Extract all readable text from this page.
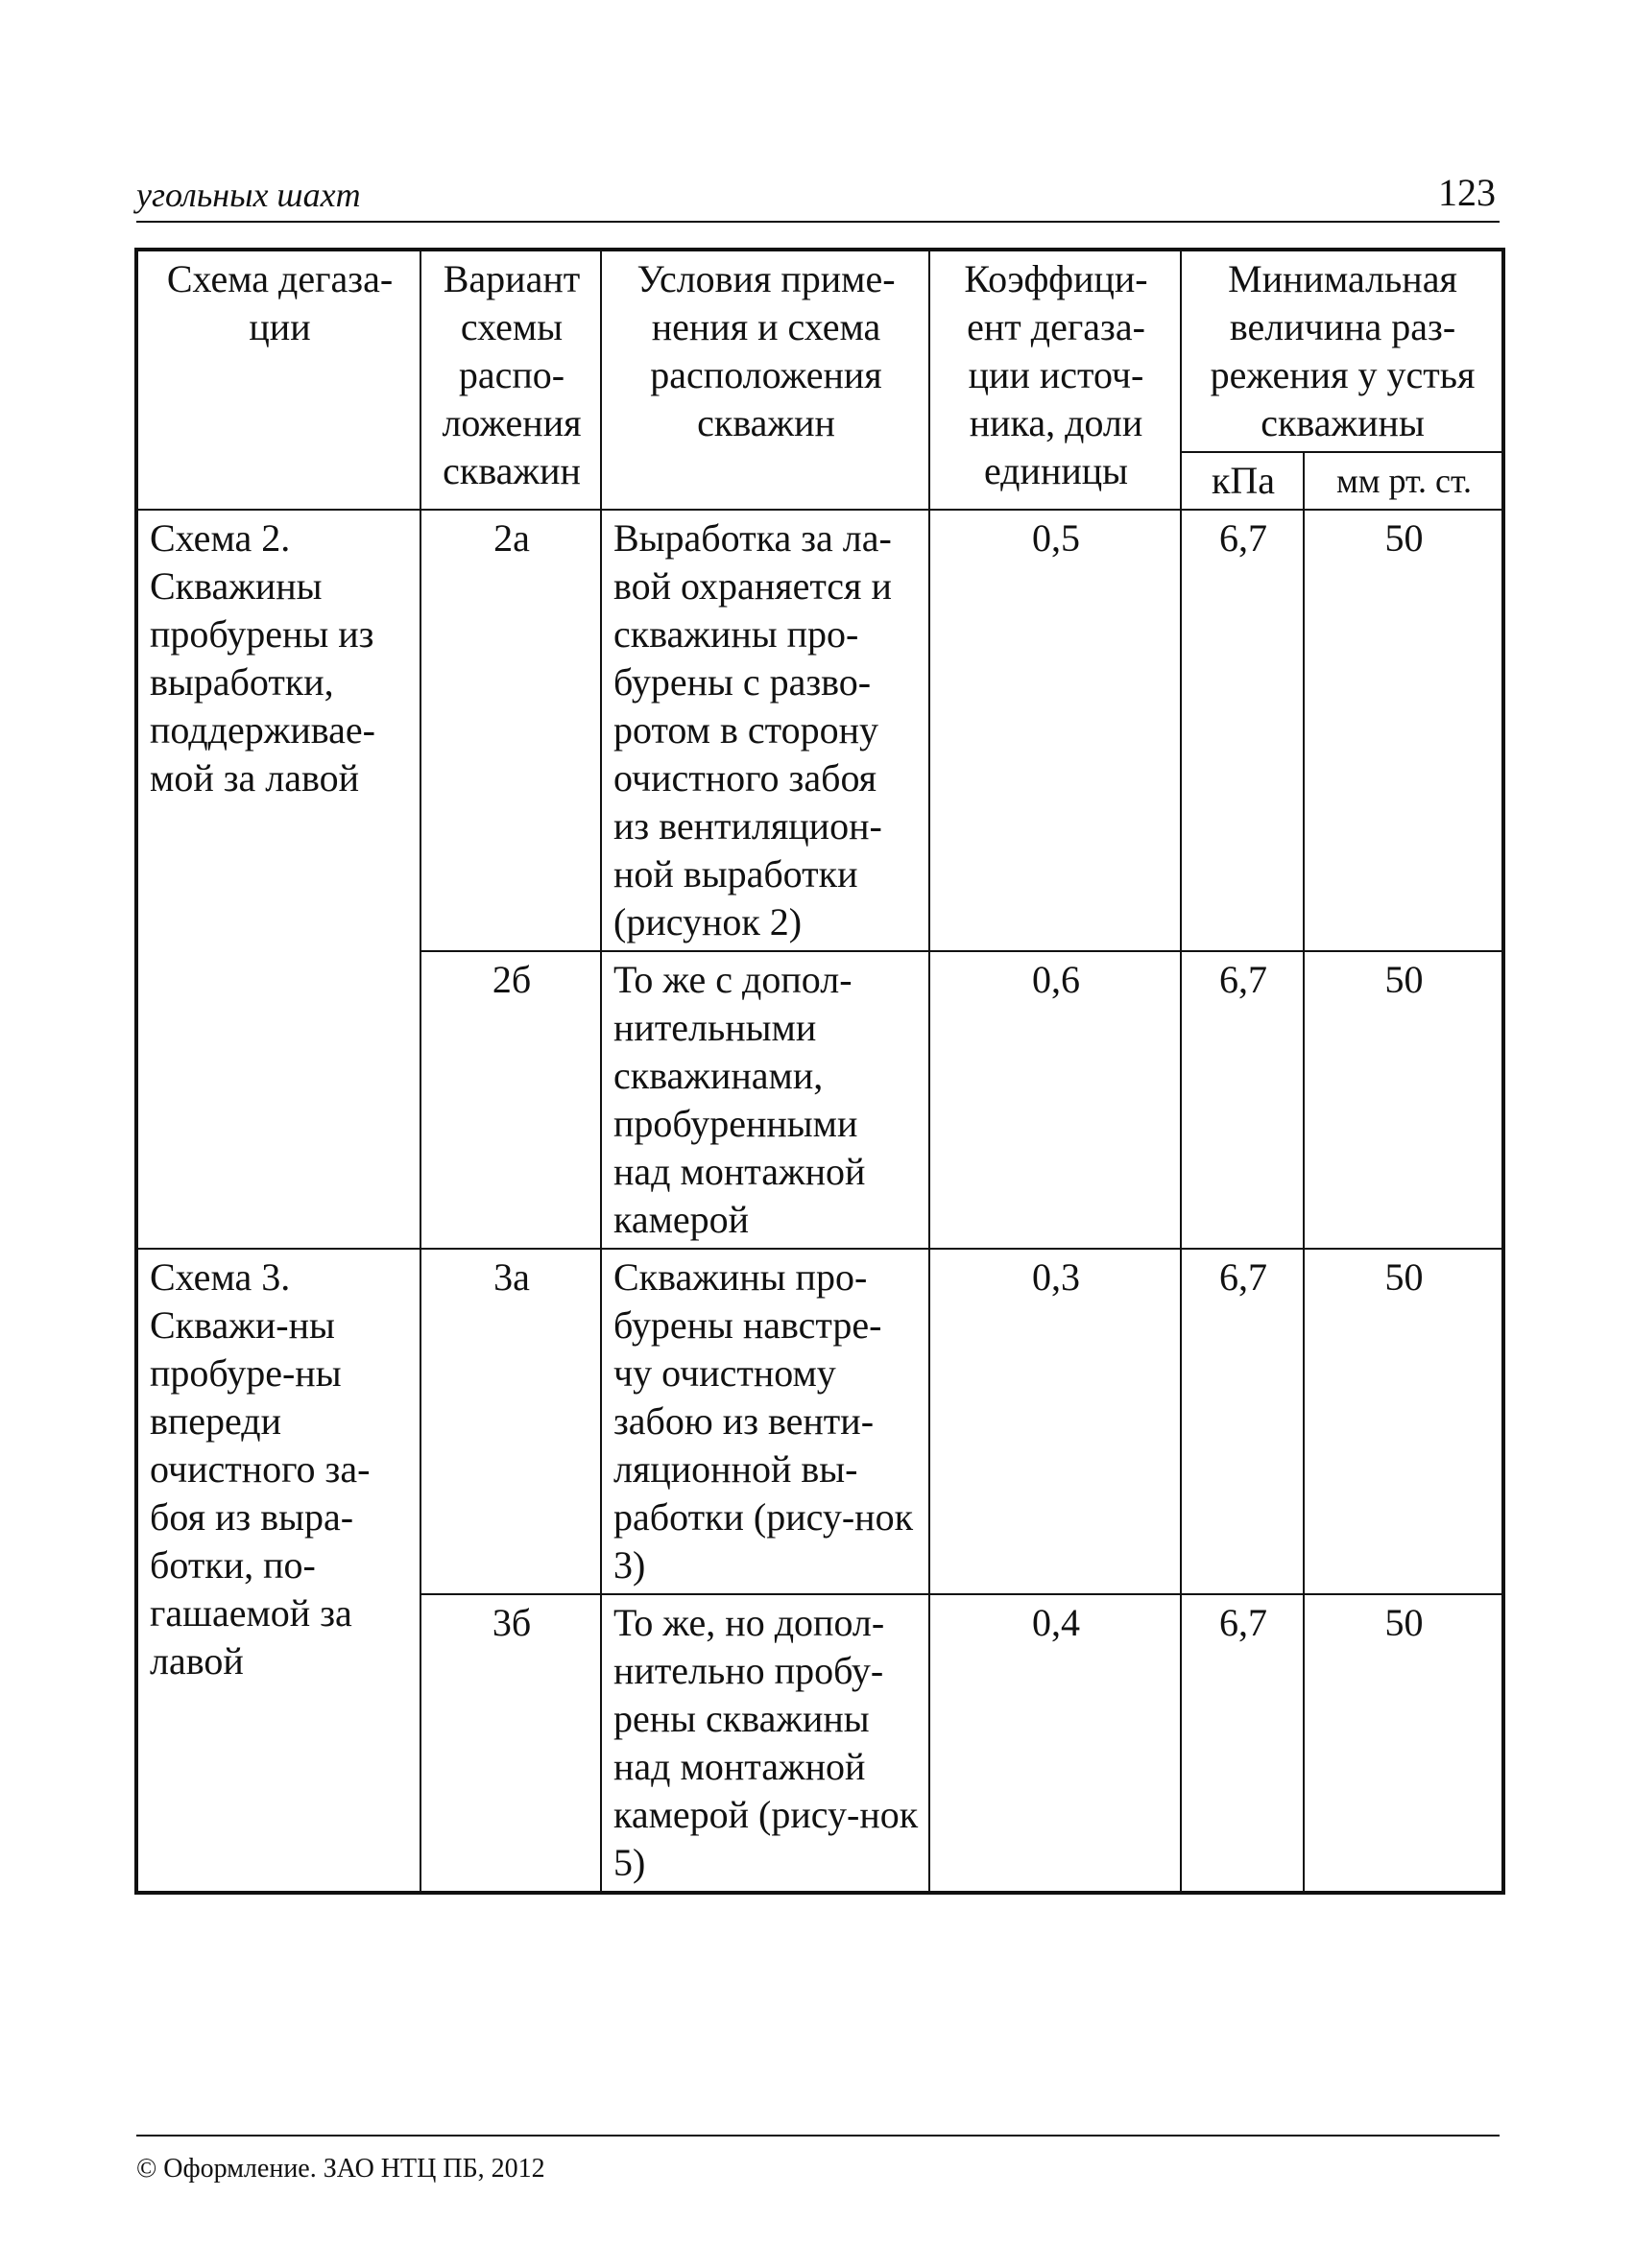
угольных шахт	123
Схема дегаза-ции	Вариант схемы распо-ложения скважин	Условия приме-нения и схема расположения скважин	Коэффици-ент дегаза-ции источ-ника, доли единицы	Минимальная величина раз-режения у устья скважины	
				кПа	мм рт. ст.
Схема 2. Скважины пробурены из выработки, поддерживае-мой за лавой	2а	Выработка за ла-вой охраняется и скважины про-бурены с разво-ротом в сторону очистного забоя из вентиляцион-ной выработки (рисунок 2)	0,5	6,7	50
	2б	То же с допол-нительными скважинами, пробуренными над монтажной камерой	0,6	6,7	50
Схема 3. Скважи-ны пробуре-ны впереди очистного за-боя из выра-ботки, по-гашаемой за лавой	3а	Скважины про-бурены навстре-чу очистному забою из венти-ляционной вы-работки (рису-нок 3)	0,3	6,7	50
	3б	То же, но допол-нительно пробу-рены скважины над монтажной камерой (рису-нок 5)	0,4	6,7	50
© Оформление. ЗАО НТЦ ПБ, 2012
